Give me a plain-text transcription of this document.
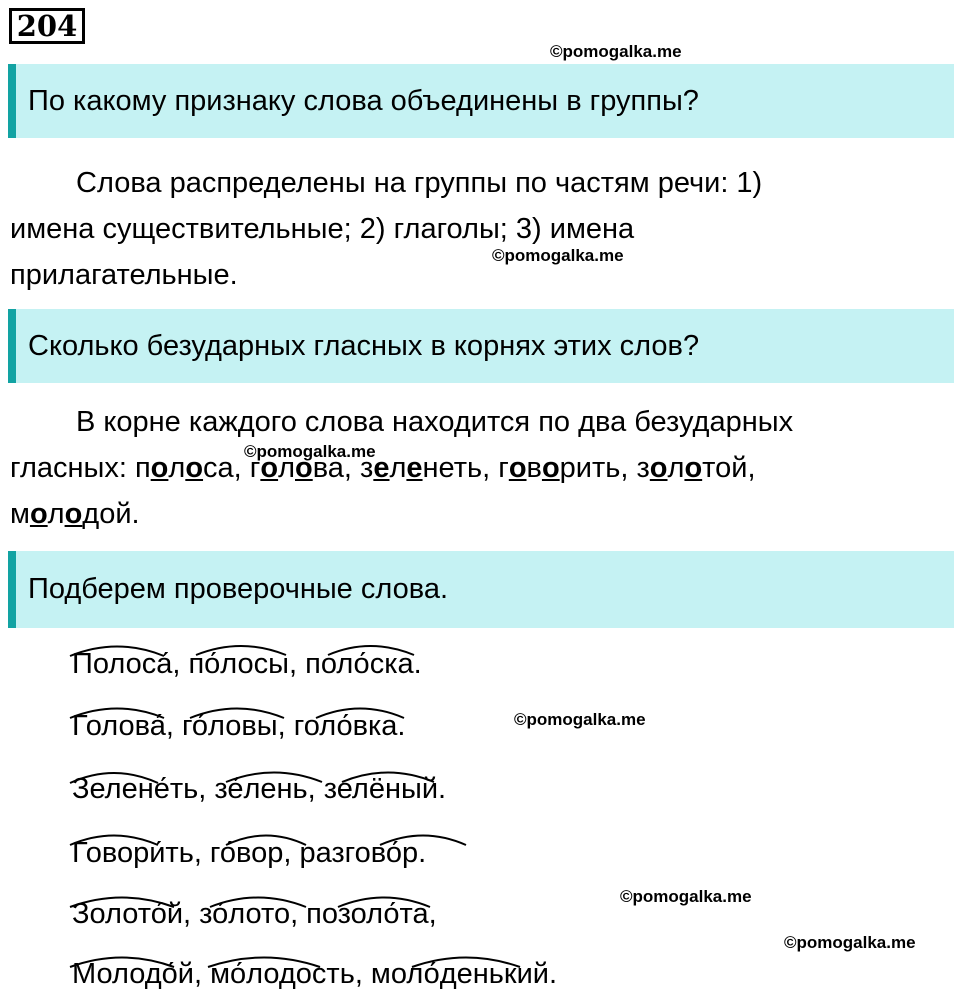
204
©pomogalka.me
По какому признаку слова объединены в группы?
Слова распределены на группы по частям речи: 1)
имена существительные; 2) глаголы; 3) имена
прилагательные.
©pomogalka.me
Сколько безударных гласных в корнях этих слов?
В корне каждого слова находится по два безударных
гласных: полоса, голова, зеленеть, говорить, золотой,
молодой.
©pomogalka.me
Подберем проверочные слова.
Полоса́, по́лосы, поло́ска.
Голова́, го́ловы, голо́вка.
Зелене́ть, зе́лень, зелёный.
Говори́ть, го́вор, разгово́р.
Золото́й, зо́лото, позоло́та,
Молодо́й, мо́лодость, моло́денький.
©pomogalka.me
©pomogalka.me
©pomogalka.me
